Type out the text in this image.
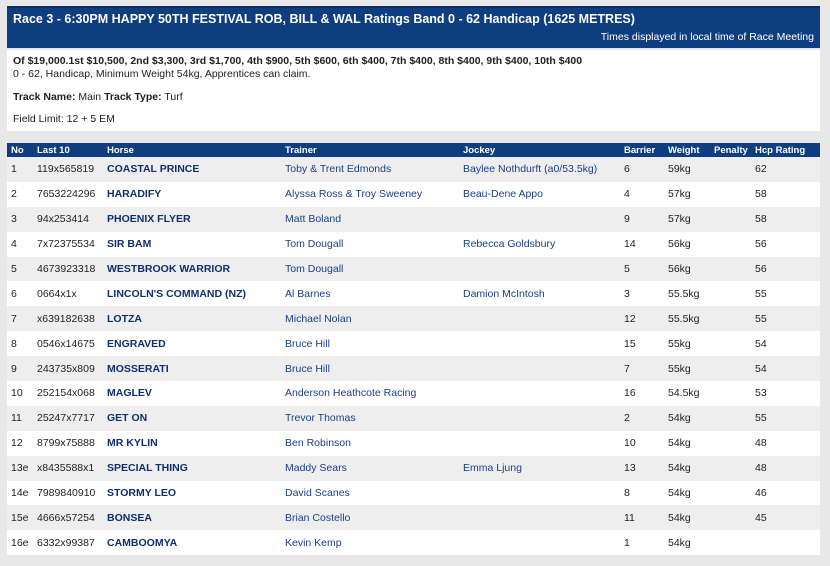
Race 3 - 6:30PM HAPPY 50TH FESTIVAL ROB, BILL & WAL Ratings Band 0 - 62 Handicap (1625 METRES)
Times displayed in local time of Race Meeting
Of $19,000.1st $10,500, 2nd $3,300, 3rd $1,700, 4th $900, 5th $600, 6th $400, 7th $400, 8th $400, 9th $400, 10th $400
0 - 62, Handicap, Minimum Weight 54kg, Apprentices can claim.
Track Name: Main Track Type: Turf
Field Limit: 12 + 5 EM
No	Last 10	Horse	Trainer	Jockey	Barrier	Weight	Penalty	Hcp Rating
1	119x565819	COASTAL PRINCE	Toby & Trent Edmonds	Baylee Nothdurft (a0/53.5kg)	6	59kg		62
2	7653224296	HARADIFY	Alyssa Ross & Troy Sweeney	Beau-Dene Appo	4	57kg		58
3	94x253414	PHOENIX FLYER	Matt Boland		9	57kg		58
4	7x72375534	SIR BAM	Tom Dougall	Rebecca Goldsbury	14	56kg		56
5	4673923318	WESTBROOK WARRIOR	Tom Dougall		5	56kg		56
6	0664x1x	LINCOLN'S COMMAND (NZ)	Al Barnes	Damion McIntosh	3	55.5kg		55
7	x639182638	LOTZA	Michael Nolan		12	55.5kg		55
8	0546x14675	ENGRAVED	Bruce Hill		15	55kg		54
9	243735x809	MOSSERATI	Bruce Hill		7	55kg		54
10	252154x068	MAGLEV	Anderson Heathcote Racing		16	54.5kg		53
11	25247x7717	GET ON	Trevor Thomas		2	54kg		55
12	8799x75888	MR KYLIN	Ben Robinson		10	54kg		48
13e	x8435588x1	SPECIAL THING	Maddy Sears	Emma Ljung	13	54kg		48
14e	7989840910	STORMY LEO	David Scanes		8	54kg		46
15e	4666x57254	BONSEA	Brian Costello		11	54kg		45
16e	6332x99387	CAMBOOMYA	Kevin Kemp		1	54kg		
